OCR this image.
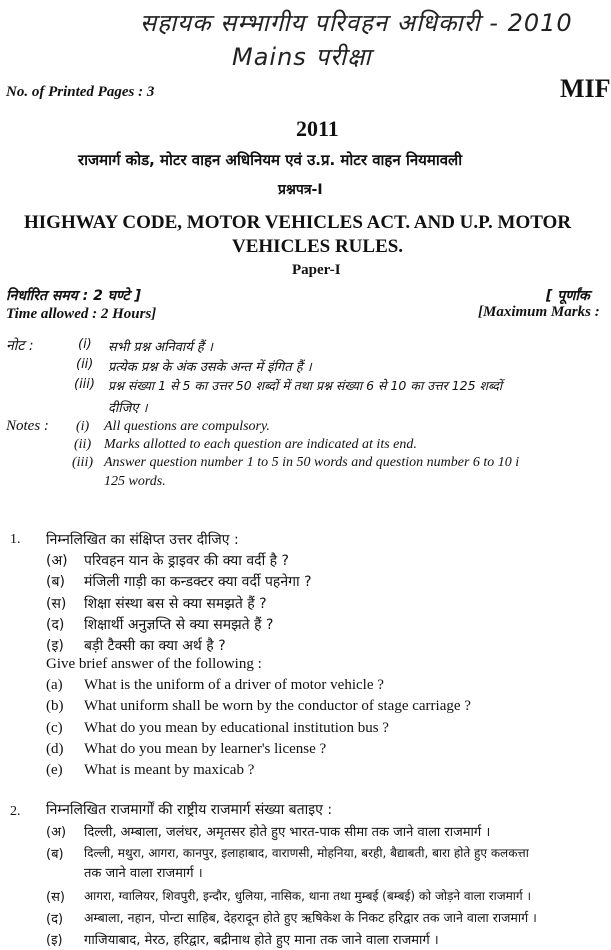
सहायक सम्भागीय परिवहन अधिकारी - 2010
Mains परीक्षा
No. of Printed Pages : 3	MIF
2011
राजमार्ग कोड, मोटर वाहन अधिनियम एवं उ.प्र. मोटर वाहन नियमावली
प्रश्नपत्र-I
HIGHWAY CODE, MOTOR VEHICLES ACT. AND U.P. MOTOR
VEHICLES RULES.
Paper-I
निर्धारित समय : 2 घण्टे ]	[ पूर्णांक
Time allowed : 2 Hours]	[Maximum Marks :
नोट :	(i) सभी प्रश्न अनिवार्य हैं ।
(ii) प्रत्येक प्रश्न के अंक उसके अन्त में इंगित हैं ।
(iii) प्रश्न संख्या 1 से 5 का उत्तर 50 शब्दों में तथा प्रश्न संख्या 6 से 10 का उत्तर 125 शब्दों
दीजिए ।
Notes : (i) All questions are compulsory.
(ii) Marks allotted to each question are indicated at its end.
(iii) Answer question number 1 to 5 in 50 words and question number 6 to 10 i
125 words.
1. निम्नलिखित का संक्षिप्त उत्तर दीजिए :
(अ) परिवहन यान के ड्राइवर की क्या वर्दी है ?
(ब) मंजिली गाड़ी का कन्डक्टर क्या वर्दी पहनेगा ?
(स) शिक्षा संस्था बस से क्या समझते हैं ?
(द) शिक्षार्थी अनुज्ञप्ति से क्या समझते हैं ?
(इ) बड़ी टैक्सी का क्या अर्थ है ?
Give brief answer of the following :
(a) What is the uniform of a driver of motor vehicle ?
(b) What uniform shall be worn by the conductor of stage carriage ?
(c) What do you mean by educational institution bus ?
(d) What do you mean by learner's license ?
(e) What is meant by maxicab ?
2. निम्नलिखित राजमार्गों की राष्ट्रीय राजमार्ग संख्या बताइए :
(अ) दिल्ली, अम्बाला, जलंधर, अमृतसर होते हुए भारत-पाक सीमा तक जाने वाला राजमार्ग ।
(ब) दिल्ली, मथुरा, आगरा, कानपुर, इलाहाबाद, वाराणसी, मोहनिया, बरही, बैद्याबती, बारा होते हुए कलकत्ता
तक जाने वाला राजमार्ग ।
(स) आगरा, ग्वालियर, शिवपुरी, इन्दौर, धुलिया, नासिक, थाना तथा मुम्बई (बम्बई) को जोड़ने वाला राजमार्ग ।
(द) अम्बाला, नहान, पोन्टा साहिब, देहरादून होते हुए ऋषिकेश के निकट हरिद्वार तक जाने वाला राजमार्ग ।
(इ) गाजियाबाद, मेरठ, हरिद्वार, बद्रीनाथ होते हुए माना तक जाने वाला राजमार्ग ।
